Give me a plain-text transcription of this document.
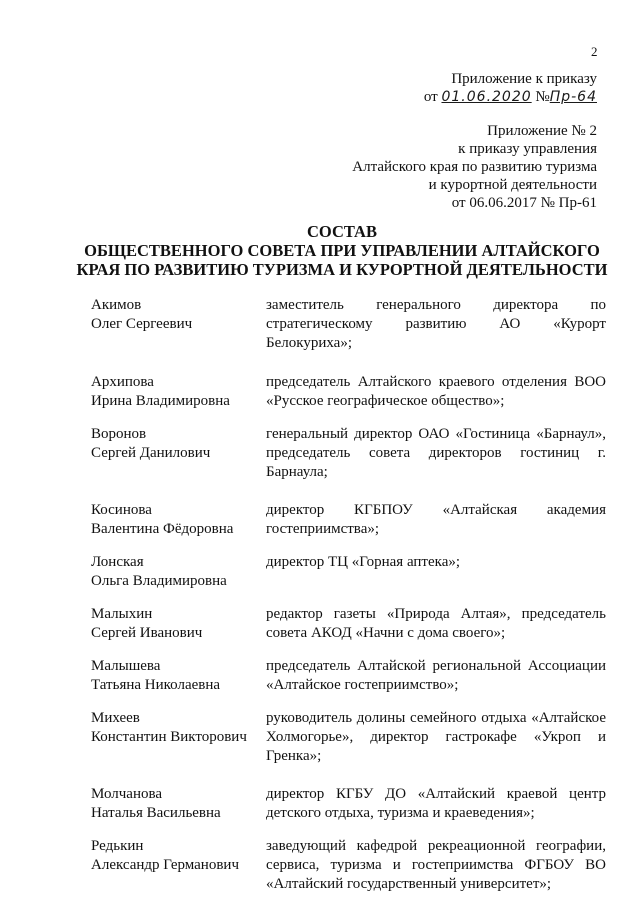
2
Приложение к приказу
от 01.06.2020 №Пр-64
Приложение № 2
к приказу управления
Алтайского края по развитию туризма
и курортной деятельности
от 06.06.2017 № Пр-61
СОСТАВ
ОБЩЕСТВЕННОГО СОВЕТА ПРИ УПРАВЛЕНИИ АЛТАЙСКОГО
КРАЯ ПО РАЗВИТИЮ ТУРИЗМА И КУРОРТНОЙ ДЕЯТЕЛЬНОСТИ
Акимов
Олег Сергеевич
заместитель генерального директора по стратегическому развитию АО «Курорт Белокуриха»;
Архипова
Ирина Владимировна
председатель Алтайского краевого отделения ВОО «Русское географическое общество»;
Воронов
Сергей Данилович
генеральный директор ОАО «Гостиница «Барнаул», председатель совета директоров гостиниц г. Барнаула;
Косинова
Валентина Фёдоровна
директор КГБПОУ «Алтайская академия гостеприимства»;
Лонская
Ольга Владимировна
директор ТЦ «Горная аптека»;
Малыхин
Сергей Иванович
редактор газеты «Природа Алтая», председатель совета АКОД «Начни с дома своего»;
Малышева
Татьяна Николаевна
председатель Алтайской региональной Ассоциации «Алтайское гостеприимство»;
Михеев
Константин Викторович
руководитель долины семейного отдыха «Алтайское Холмогорье», директор гастрокафе «Укроп и Гренка»;
Молчанова
Наталья Васильевна
директор КГБУ ДО «Алтайский краевой центр детского отдыха, туризма и краеведения»;
Редькин
Александр Германович
заведующий кафедрой рекреационной географии, сервиса, туризма и гостеприимства ФГБОУ ВО «Алтайский государственный университет»;
